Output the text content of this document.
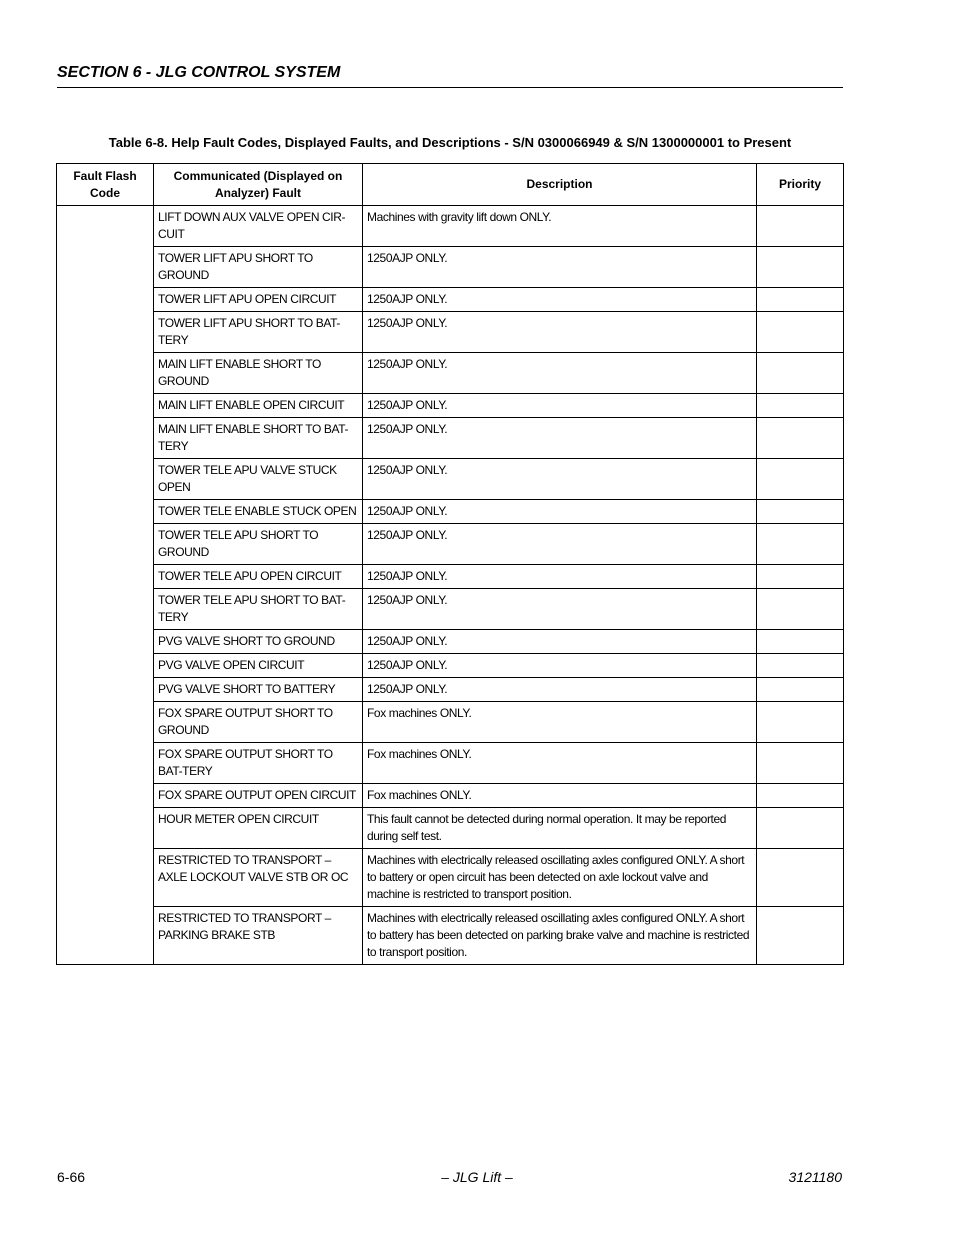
SECTION 6 - JLG CONTROL SYSTEM
Table 6-8. Help Fault Codes, Displayed Faults, and Descriptions - S/N 0300066949 & S/N 1300000001 to Present
Fault Flash Code	Communicated (Displayed on Analyzer) Fault	Description	Priority
	LIFT DOWN AUX VALVE OPEN CIR-CUIT	Machines with gravity lift down ONLY.	
	TOWER LIFT APU SHORT TO GROUND	1250AJP ONLY.	
	TOWER LIFT APU OPEN CIRCUIT	1250AJP ONLY.	
	TOWER LIFT APU SHORT TO BAT-TERY	1250AJP ONLY.	
	MAIN LIFT ENABLE SHORT TO GROUND	1250AJP ONLY.	
	MAIN LIFT ENABLE OPEN CIRCUIT	1250AJP ONLY.	
	MAIN LIFT ENABLE SHORT TO BAT-TERY	1250AJP ONLY.	
	TOWER TELE APU VALVE STUCK OPEN	1250AJP ONLY.	
	TOWER TELE ENABLE STUCK OPEN	1250AJP ONLY.	
	TOWER TELE APU SHORT TO GROUND	1250AJP ONLY.	
	TOWER TELE APU OPEN CIRCUIT	1250AJP ONLY.	
	TOWER TELE APU SHORT TO BAT-TERY	1250AJP ONLY.	
	PVG VALVE SHORT TO GROUND	1250AJP ONLY.	
	PVG VALVE OPEN CIRCUIT	1250AJP ONLY.	
	PVG VALVE SHORT TO BATTERY	1250AJP ONLY.	
	FOX SPARE OUTPUT SHORT TO GROUND	Fox machines ONLY.	
	FOX SPARE OUTPUT SHORT TO BAT-TERY	Fox machines ONLY.	
	FOX SPARE OUTPUT OPEN CIRCUIT	Fox machines ONLY.	
	HOUR METER OPEN CIRCUIT	This fault cannot be detected during normal operation. It may be reported during self test.	
	RESTRICTED TO TRANSPORT – AXLE LOCKOUT VALVE STB OR OC	Machines with electrically released oscillating axles configured ONLY. A short to battery or open circuit has been detected on axle lockout valve and machine is restricted to transport position.	
	RESTRICTED TO TRANSPORT – PARKING BRAKE STB	Machines with electrically released oscillating axles configured ONLY. A short to battery has been detected on parking brake valve and machine is restricted to transport position.	
6-66	– JLG Lift –	3121180
